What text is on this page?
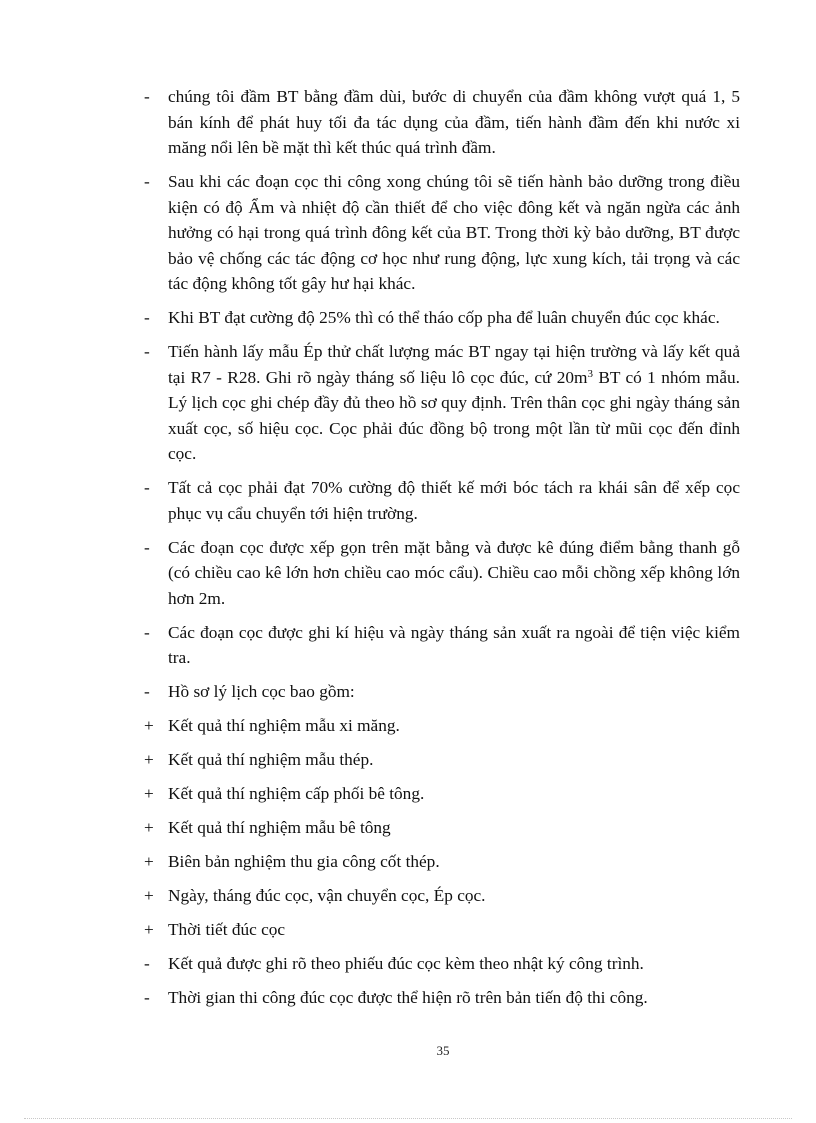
-	chúng tôi đầm BT bằng đầm dùi, bước di chuyển của đầm không vượt quá 1, 5 bán kính để phát huy tối đa tác dụng của đầm, tiến hành đầm đến khi nước xi măng nổi lên bề mặt thì kết thúc quá trình đầm.
-	Sau khi các đoạn cọc thi công xong chúng tôi sẽ tiến hành bảo dưỡng trong điều kiện có độ Ẩm và nhiệt độ cần thiết để cho việc đông kết và ngăn ngừa các ảnh hưởng có hại trong quá trình đông kết của BT. Trong thời kỳ bảo dưỡng, BT được bảo vệ chống các tác động cơ học như rung động, lực xung kích, tải trọng và các tác động không tốt gây hư hại khác.
-	Khi BT đạt cường độ 25% thì có thể tháo cốp pha để luân chuyển đúc cọc khác.
-	Tiến hành lấy mẫu Ép thử chất lượng mác BT ngay tại hiện trường và lấy kết quả tại R7 - R28. Ghi rõ ngày tháng số liệu lô cọc đúc, cứ $20m^3$ BT có 1 nhóm mẫu. Lý lịch cọc ghi chép đầy đủ theo hồ sơ quy định. Trên thân cọc ghi ngày tháng sản xuất cọc, số hiệu cọc. Cọc phải đúc đồng bộ trong một lần từ mũi cọc đến đỉnh cọc.
-	Tất cả cọc phải đạt 70% cường độ thiết kế mới bóc tách ra khái sân để xếp cọc phục vụ cẩu chuyển tới hiện trường.
-	Các đoạn cọc được xếp gọn trên mặt bằng và được kê đúng điểm bằng thanh gỗ (có chiều cao kê lớn hơn chiều cao móc cẩu). Chiều cao mỗi chồng xếp không lớn hơn 2m.
-	Các đoạn cọc được ghi kí hiệu và ngày tháng sản xuất ra ngoài để tiện việc kiểm tra.
-	Hồ sơ lý lịch cọc bao gồm:
+ Kết quả thí nghiệm mẫu xi măng.
+ Kết quả thí nghiệm mẫu thép.
+ Kết quả thí nghiệm cấp phối bê tông.
+ Kết quả thí nghiệm mẫu bê tông
+ Biên bản nghiệm thu gia công cốt thép.
+ Ngày, tháng đúc cọc, vận chuyển cọc, Ép cọc.
+ Thời tiết đúc cọc
-	Kết quả được ghi rõ theo phiếu đúc cọc kèm theo nhật ký công trình.
-	Thời gian thi công đúc cọc được thể hiện rõ trên bản tiến độ thi công.
35
